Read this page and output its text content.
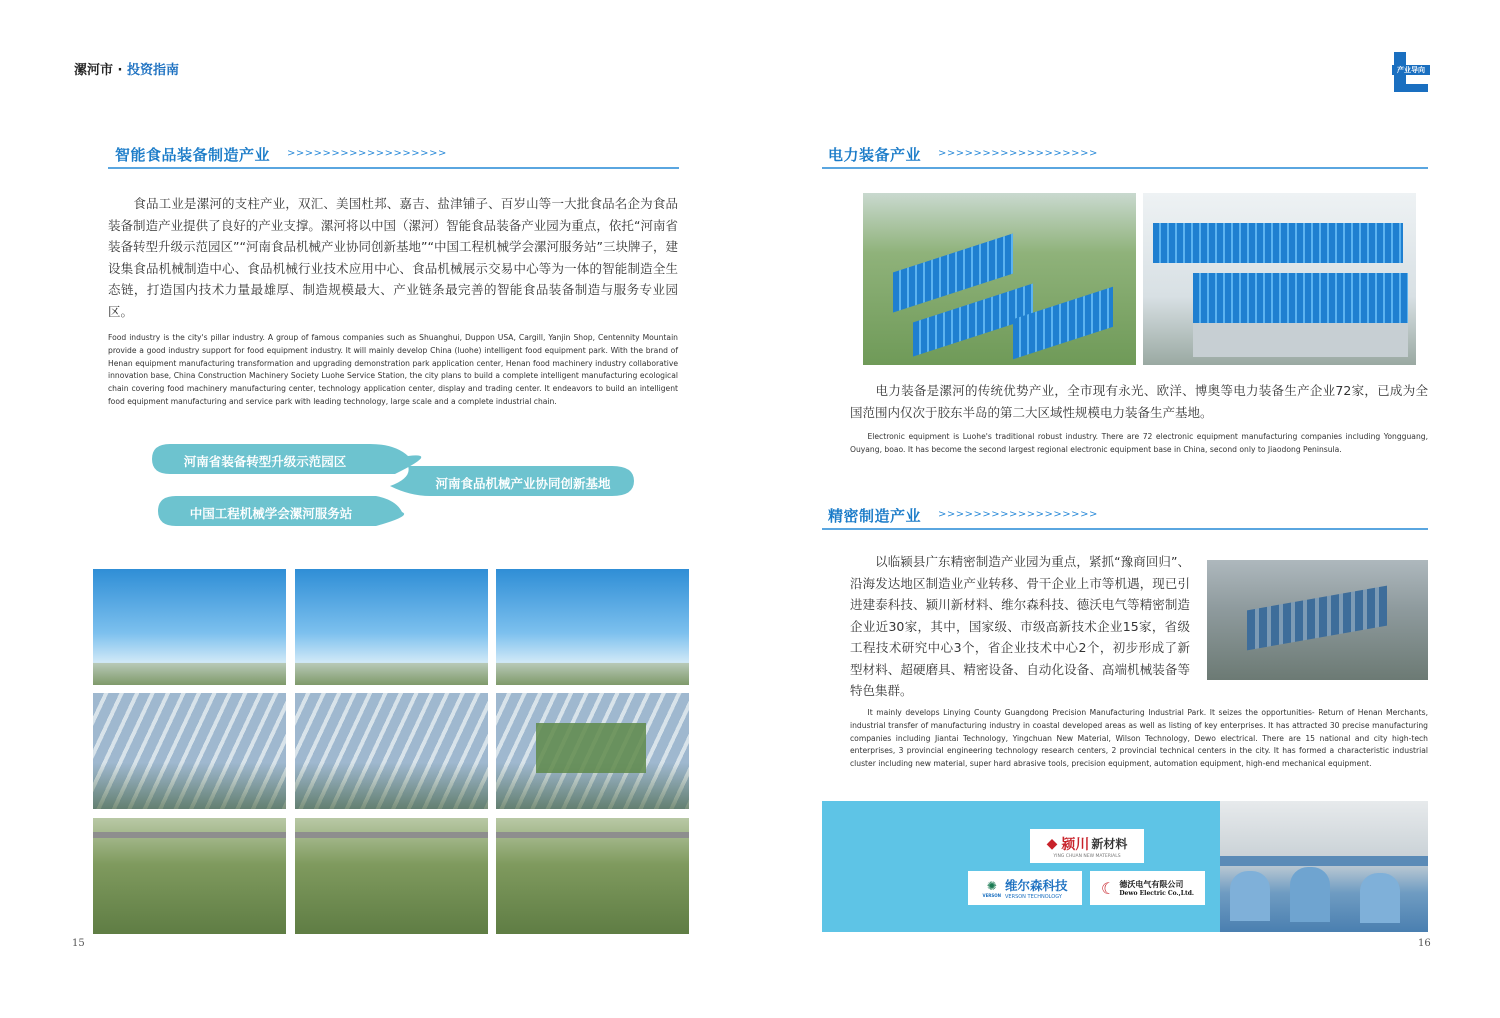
漯河市 · 投资指南	产业导向
智能食品装备制造产业 >>>>>>>>>>>>>>>>>>
　　食品工业是漯河的支柱产业，双汇、美国杜邦、嘉吉、盐津铺子、百岁山等一大批食品名企为食品装备制造产业提供了良好的产业支撑。漯河将以中国（漯河）智能食品装备产业园为重点，依托“河南省装备转型升级示范园区”“河南食品机械产业协同创新基地”“中国工程机械学会漯河服务站”三块牌子，建设集食品机械制造中心、食品机械行业技术应用中心、食品机械展示交易中心等为一体的智能制造全生态链，打造国内技术力量最雄厚、制造规模最大、产业链条最完善的智能食品装备制造与服务专业园区。
Food industry is the city's pillar industry. A group of famous companies such as Shuanghui, Duppon USA, Cargill, Yanjin Shop, Centennity Mountain provide a good industry support for food equipment industry. It will mainly develop China (luohe) intelligent food equipment park. With the brand of Henan equipment manufacturing transformation and upgrading demonstration park application center, Henan food machinery industry collaborative innovation base, China Construction Machinery Society Luohe Service Station, the city plans to build a complete intelligent manufacturing ecological chain covering food machinery manufacturing center, technology application center, display and trading center. It endeavors to build an intelligent food equipment manufacturing and service park with leading technology, large scale and a complete industrial chain.
河南省装备转型升级示范园区
河南食品机械产业协同创新基地
中国工程机械学会漯河服务站
15
电力装备产业 >>>>>>>>>>>>>>>>>>
　　电力装备是漯河的传统优势产业，全市现有永光、欧洋、博奥等电力装备生产企业72家，已成为全国范围内仅次于胶东半岛的第二大区域性规模电力装备生产基地。
　　Electronic equipment is Luohe's traditional robust industry. There are 72 electronic equipment manufacturing companies including Yongguang, Ouyang, boao. It has become the second largest regional electronic equipment base in China, second only to Jiaodong Peninsula.
精密制造产业 >>>>>>>>>>>>>>>>>>
　　以临颍县广东精密制造产业园为重点，紧抓“豫商回归”、沿海发达地区制造业产业转移、骨干企业上市等机遇，现已引进建泰科技、颍川新材料、维尔森科技、德沃电气等精密制造企业近30家，其中，国家级、市级高新技术企业15家，省级工程技术研究中心3个，省企业技术中心2个，初步形成了新型材料、超硬磨具、精密设备、自动化设备、高端机械装备等特色集群。
　　It mainly develops Linying County Guangdong Precision Manufacturing Industrial Park. It seizes the opportunities- Return of Henan Merchants, industrial transfer of manufacturing industry in coastal developed areas as well as listing of key enterprises. It has attracted 30 precise manufacturing companies including Jiantai Technology, Yingchuan New Material, Wilson Technology, Dewo electrical. There are 15 national and city high-tech enterprises, 3 provincial engineering technology research centers, 2 provincial technical centers in the city. It has formed a characteristic industrial cluster including new material, super hard abrasive tools, precision equipment, automation equipment, high-end mechanical equipment.
◆ 颍川 新材料
YING CHUAN NEW MATERIALS
✺
VERSON
维尔森科技
VERSON TECHNOLOGY ☾ 德沃电气有限公司
Dewo Electric Co.,Ltd.
16
